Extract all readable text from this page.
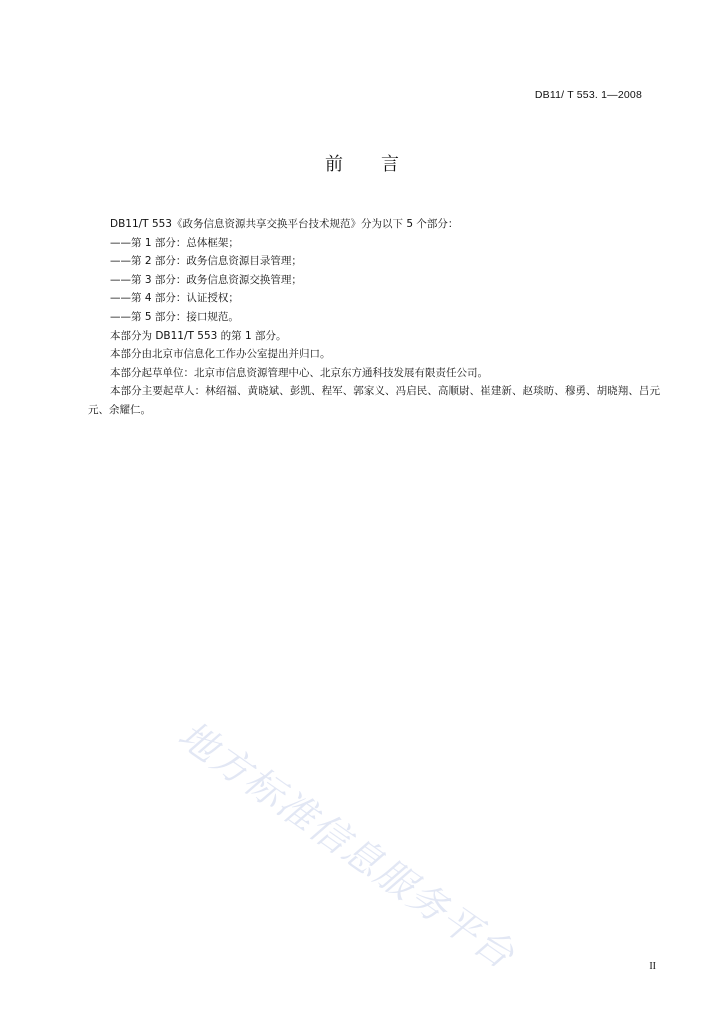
DB11/ T 553. 1—2008
前言
DB11/T 553《政务信息资源共享交换平台技术规范》分为以下 5 个部分：
——第 1 部分：总体框架；
——第 2 部分：政务信息资源目录管理；
——第 3 部分：政务信息资源交换管理；
——第 4 部分：认证授权；
——第 5 部分：接口规范。
本部分为 DB11/T 553 的第 1 部分。
本部分由北京市信息化工作办公室提出并归口。
本部分起草单位：北京市信息资源管理中心、北京东方通科技发展有限责任公司。
本部分主要起草人：林绍福、黄晓斌、彭凯、程军、郭家义、冯启民、高顺尉、崔建新、赵琰昉、穆勇、胡晓翔、吕元元、余耀仁。
地方标准信息服务平台	II
